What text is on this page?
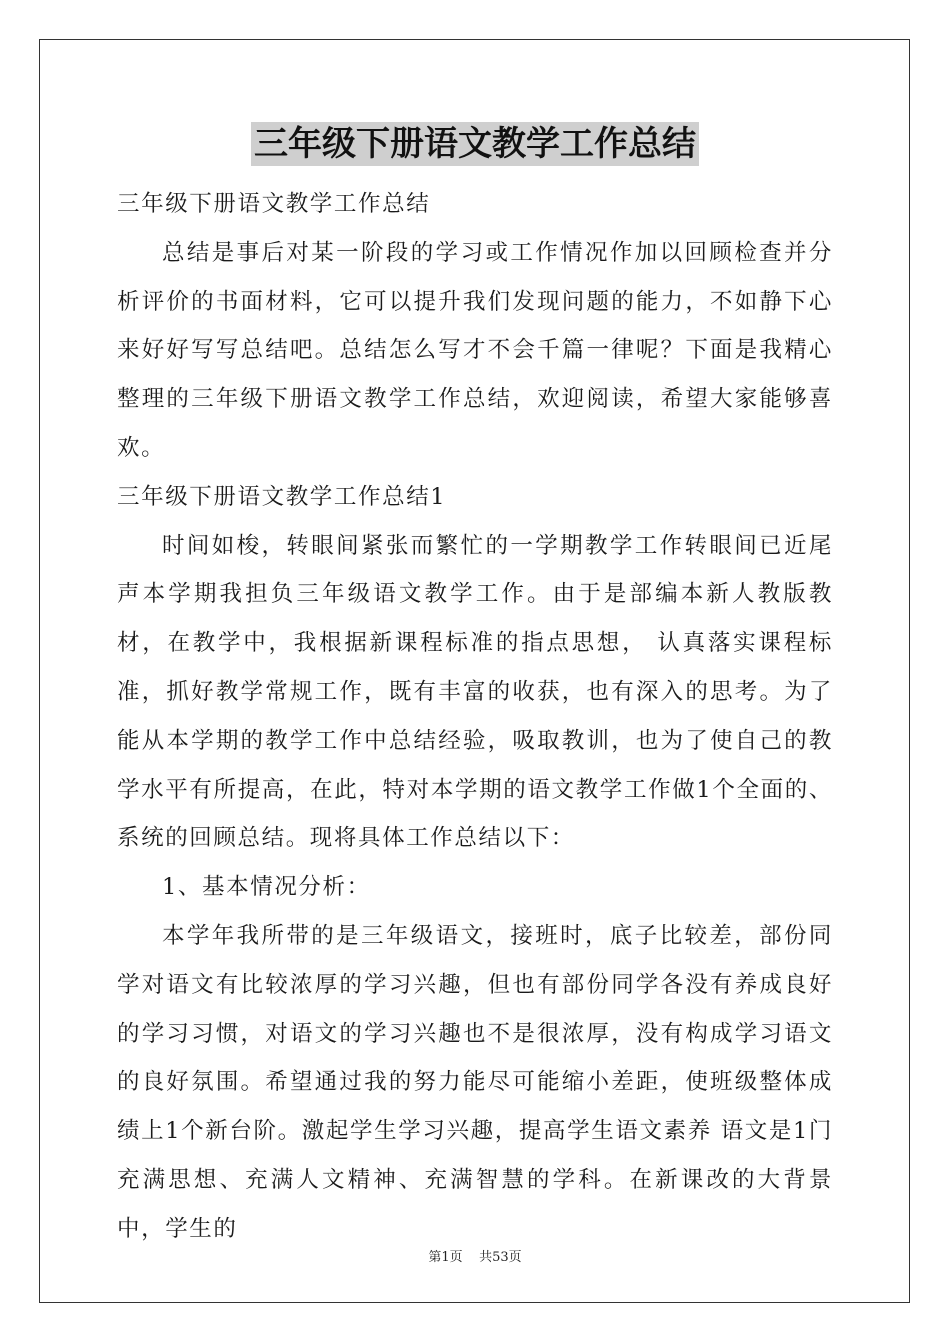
三年级下册语文教学工作总结

三年级下册语文教学工作总结

总结是事后对某一阶段的学习或工作情况作加以回顾检查并分析评价的书面材料，它可以提升我们发现问题的能力，不如静下心来好好写写总结吧。总结怎么写才不会千篇一律呢？下面是我精心整理的三年级下册语文教学工作总结，欢迎阅读，希望大家能够喜欢。

三年级下册语文教学工作总结1

时间如梭，转眼间紧张而繁忙的一学期教学工作转眼间已近尾声本学期我担负三年级语文教学工作。由于是部编本新人教版教材，在教学中，我根据新课程标准的指点思想， 认真落实课程标准，抓好教学常规工作，既有丰富的收获，也有深入的思考。为了能从本学期的教学工作中总结经验，吸取教训，也为了使自己的教学水平有所提高，在此，特对本学期的语文教学工作做1个全面的、系统的回顾总结。现将具体工作总结以下：

1、基本情况分析：

本学年我所带的是三年级语文，接班时，底子比较差，部份同学对语文有比较浓厚的学习兴趣，但也有部份同学各没有养成良好的学习习惯，对语文的学习兴趣也不是很浓厚，没有构成学习语文的良好氛围。希望通过我的努力能尽可能缩小差距，使班级整体成绩上1个新台阶。激起学生学习兴趣，提高学生语文素养 语文是1门充满思想、充满人文精神、充满智慧的学科。在新课改的大背景中，学生的

第1页 共53页
